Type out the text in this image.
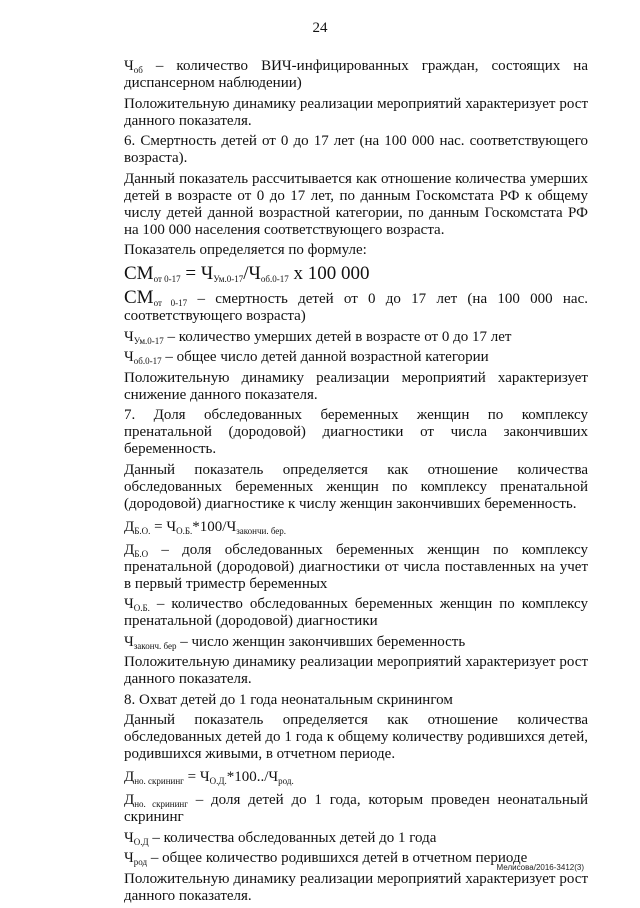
24

$Ч_{об}$ – количество ВИЧ-инфицированных граждан, состоящих на диспансерном наблюдении)

Положительную динамику реализации мероприятий характеризует рост данного показателя.

6. Смертность детей от 0 до 17 лет (на 100 000 нас. соответствующего возраста).

Данный показатель рассчитывается как отношение количества умерших детей в возрасте от 0 до 17 лет, по данным Госкомстата РФ к общему числу детей данной возрастной категории, по данным Госкомстата РФ на 100 000 населения соответствующего возраста.

Показатель определяется по формуле:

$СМ_{от 0-17} = Ч_{Ум.0-17}/Ч_{об.0-17}$ х 100 000

$СМ_{от 0-17}$ – смертность детей от 0 до 17 лет (на 100 000 нас. соответствующего возраста)

$Ч_{Ум.0-17}$ – количество умерших детей в возрасте от 0 до 17 лет

$Ч_{об.0-17}$ – общее число детей данной возрастной категории

Положительную динамику реализации мероприятий характеризует снижение данного показателя.

7. Доля обследованных беременных женщин по комплексу пренатальной (дородовой) диагностики от числа закончивших беременность.

Данный показатель определяется как отношение количества обследованных беременных женщин по комплексу пренатальной (дородовой) диагностике к числу женщин закончивших беременность.

$Д_{Б.О.} = Ч_{О.Б.}*100/Ч_{закончи. бер.}$

$Д_{Б.О}$ – доля обследованных беременных женщин по комплексу пренатальной (дородовой) диагностики от числа поставленных на учет в первый триместр беременных

$Ч_{О.Б.}$ – количество обследованных беременных женщин по комплексу пренатальной (дородовой) диагностики

$Ч_{законч. бер}$ – число женщин закончивших беременность

Положительную динамику реализации мероприятий характеризует рост данного показателя.

8. Охват детей до 1 года неонатальным скринингом

Данный показатель определяется как отношение количества обследованных детей до 1 года к общему количеству родившихся детей, родившихся живыми, в отчетном периоде.

$Д_{но. скрининг} = Ч_{О.Д.}*100../Ч_{род.}$

$Д_{но. скрининг}$ – доля детей до 1 года, которым проведен неонатальный скрининг

$Ч_{О.Д}$ – количества обследованных детей до 1 года

$Ч_{род}$ – общее количество родившихся детей в отчетном периоде

Положительную динамику реализации мероприятий характеризует рост данного показателя.

Мелисова/2016-3412(3)
